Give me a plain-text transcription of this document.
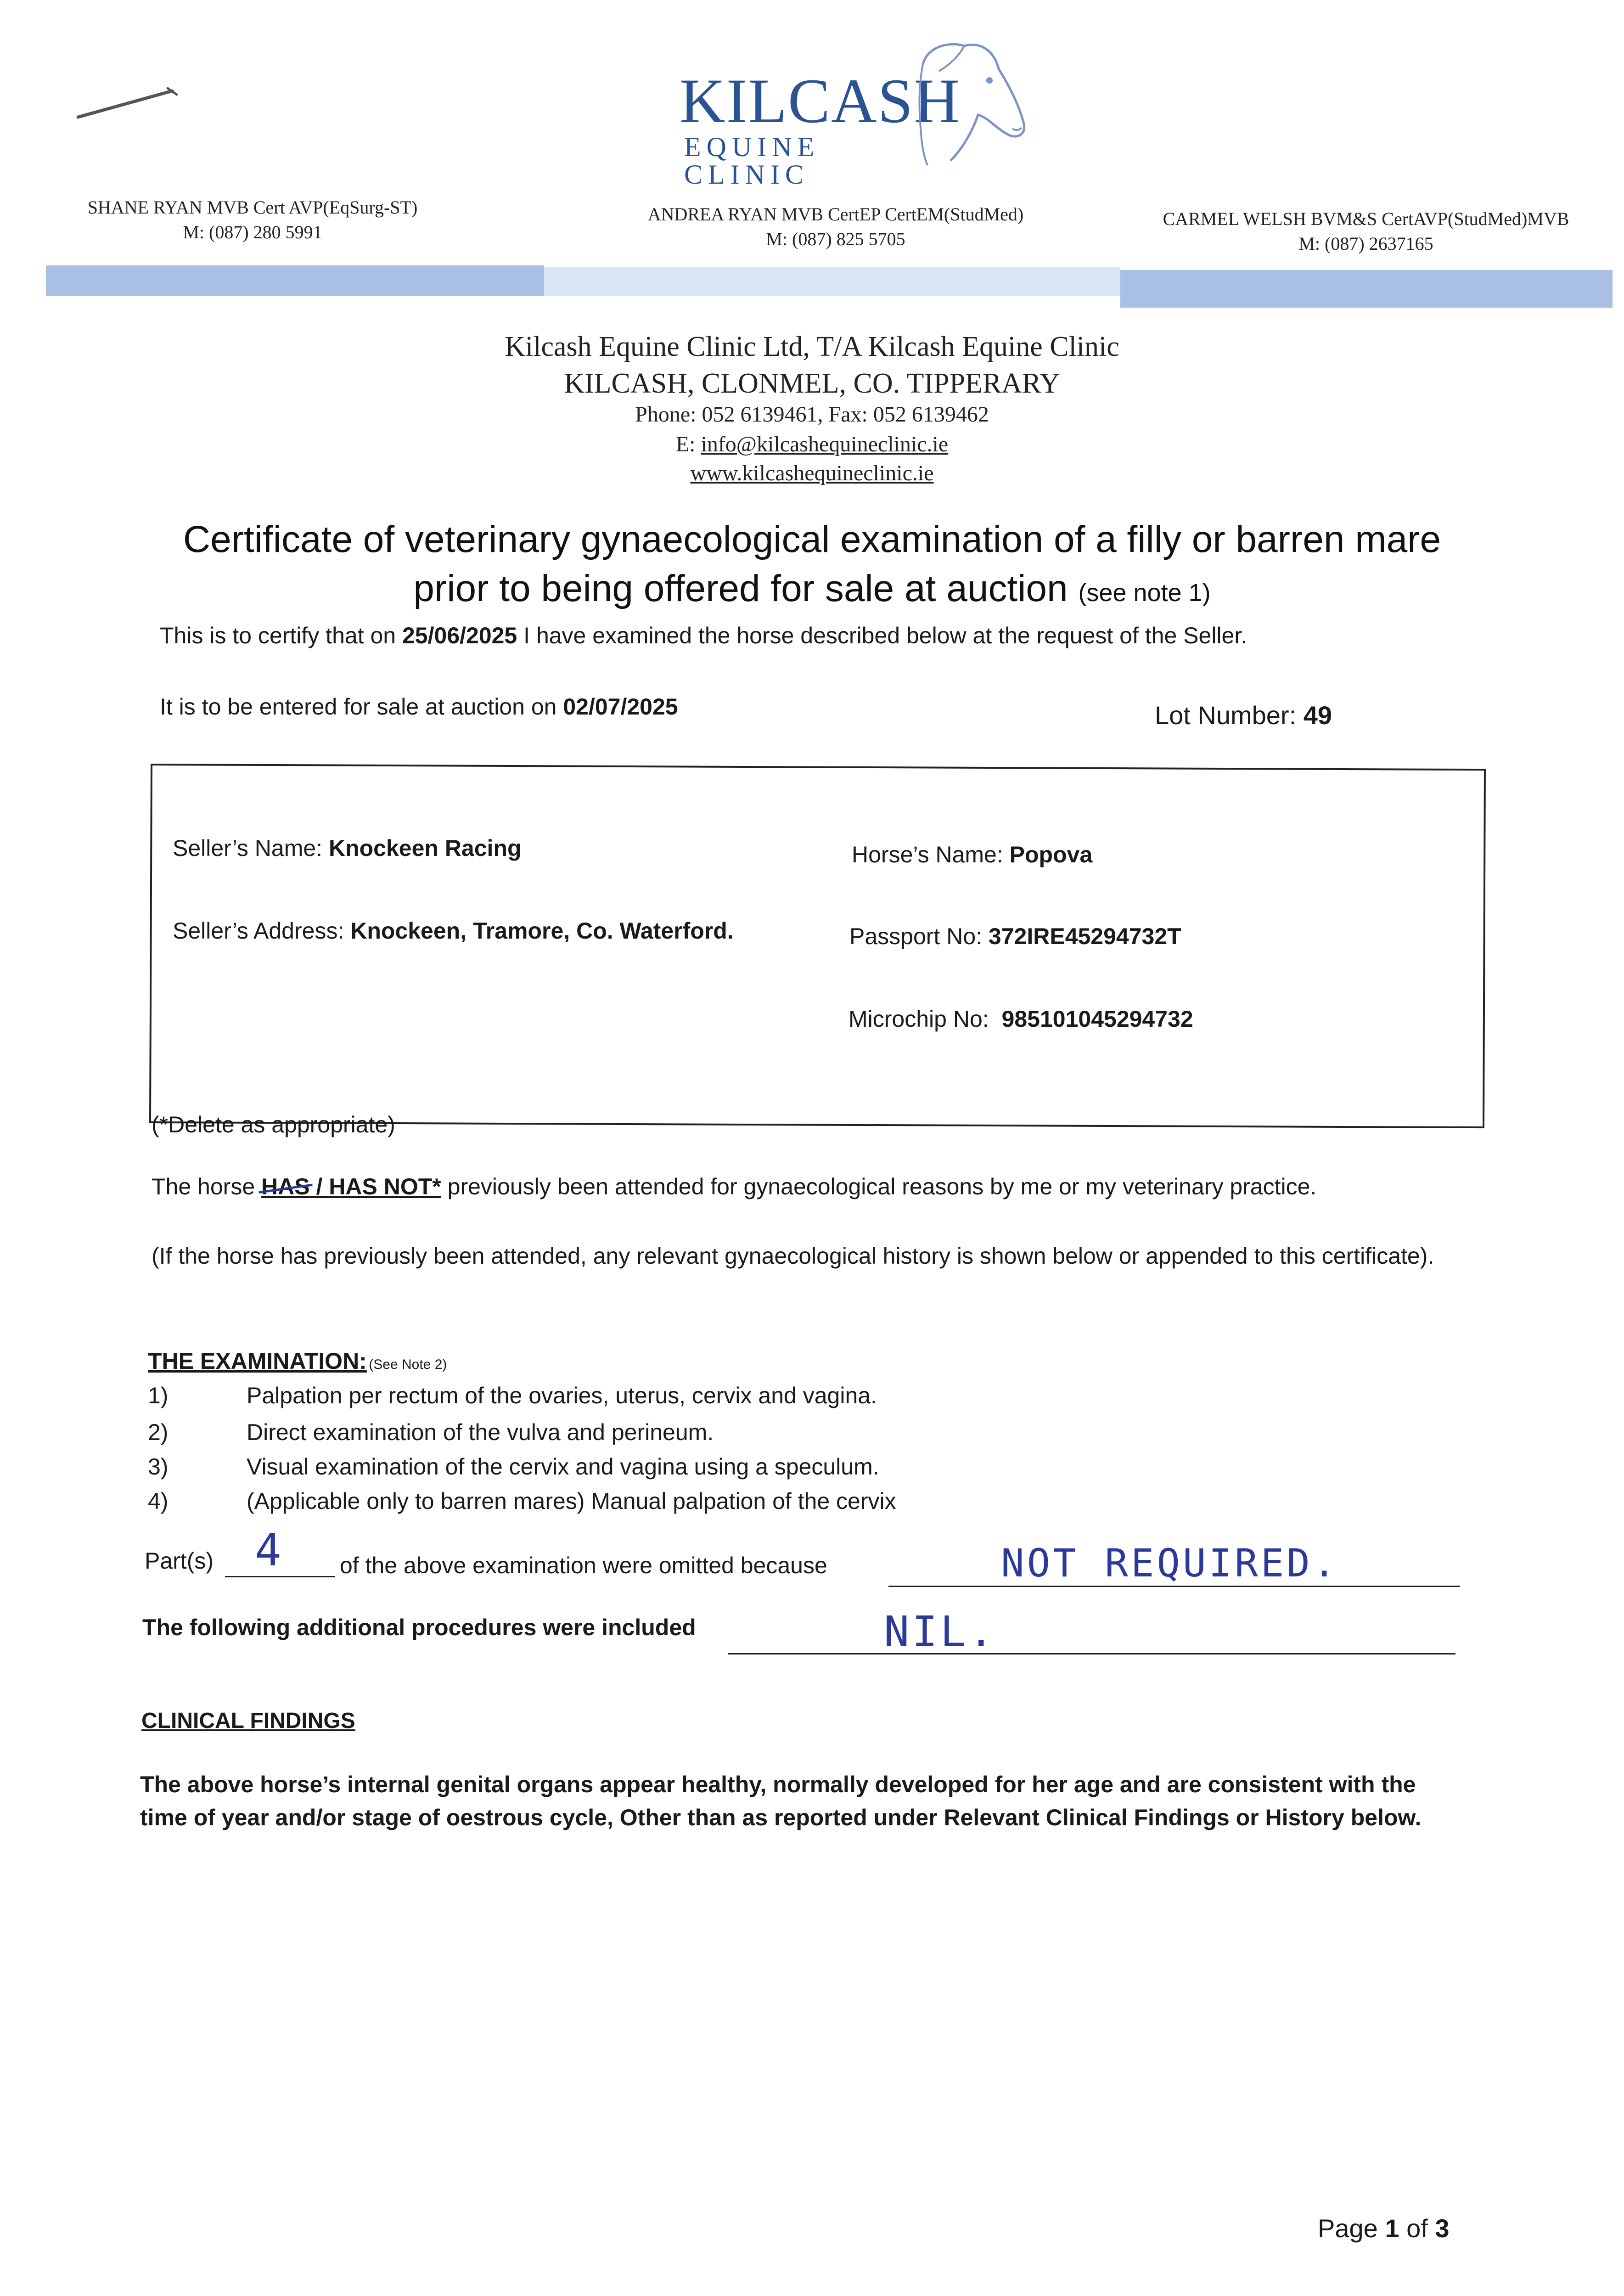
KILCASH
EQUINE CLINIC
SHANE RYAN MVB Cert AVP(EqSurg-ST)
M: (087) 280 5991
ANDREA RYAN MVB CertEP CertEM(StudMed)
M: (087) 825 5705
CARMEL WELSH BVM&S CertAVP(StudMed)MVB
M: (087) 2637165
Kilcash Equine Clinic Ltd, T/A Kilcash Equine Clinic
KILCASH, CLONMEL, CO. TIPPERARY
Phone: 052 6139461, Fax: 052 6139462
E: info@kilcashequineclinic.ie
www.kilcashequineclinic.ie
Certificate of veterinary gynaecological examination of a filly or barren mare
prior to being offered for sale at auction (see note 1)
This is to certify that on 25/06/2025 I have examined the horse described below at the request of the Seller.
It is to be entered for sale at auction on 02/07/2025	Lot Number: 49
Seller’s Name: Knockeen Racing
Seller’s Address: Knockeen, Tramore, Co. Waterford.
Horse’s Name: Popova
Passport No: 372IRE45294732T
Microchip No: 985101045294732
(*Delete as appropriate)
The horse HAS
/ HAS NOT* previously been attended for gynaecological reasons by me or my veterinary practice.
(If the horse has previously been attended, any relevant gynaecological history is shown below or appended to this certificate).
THE EXAMINATION: (See Note 2)
1)	Palpation per rectum of the ovaries, uterus, cervix and vagina.
2)	Direct examination of the vulva and perineum.
3)	Visual examination of the cervix and vagina using a speculum.
4)	(Applicable only to barren mares) Manual palpation of the cervix
Part(s) 4 of the above examination were omitted because	NOT REQUIRED.
The following additional procedures were included	NIL.
CLINICAL FINDINGS
The above horse’s internal genital organs appear healthy, normally developed for her age and are consistent with the time of year and/or stage of oestrous cycle, Other than as reported under Relevant Clinical Findings or History below.
Page 1 of 3
